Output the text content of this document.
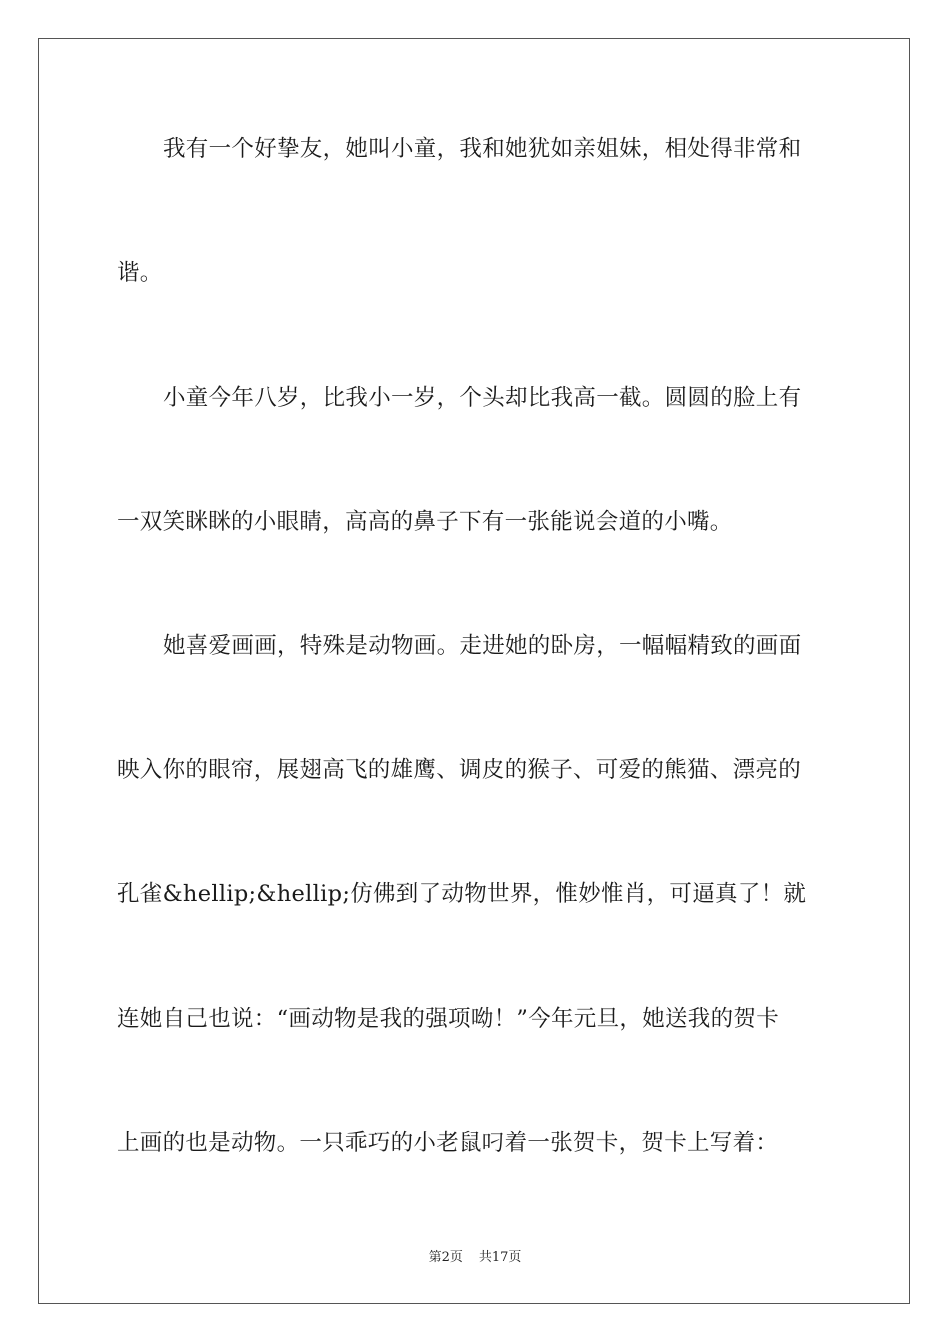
我有一个好挚友，她叫小童，我和她犹如亲姐妹，相处得非常和
谐。
小童今年八岁，比我小一岁，个头却比我高一截。圆圆的脸上有
一双笑眯眯的小眼睛，高高的鼻子下有一张能说会道的小嘴。
她喜爱画画，特殊是动物画。走进她的卧房，一幅幅精致的画面
映入你的眼帘，展翅高飞的雄鹰、调皮的猴子、可爱的熊猫、漂亮的
孔雀&hellip;&hellip;仿佛到了动物世界，惟妙惟肖，可逼真了！就
连她自己也说：“画动物是我的强项呦！”今年元旦，她送我的贺卡
上画的也是动物。一只乖巧的小老鼠叼着一张贺卡，贺卡上写着：
第2页 共17页
